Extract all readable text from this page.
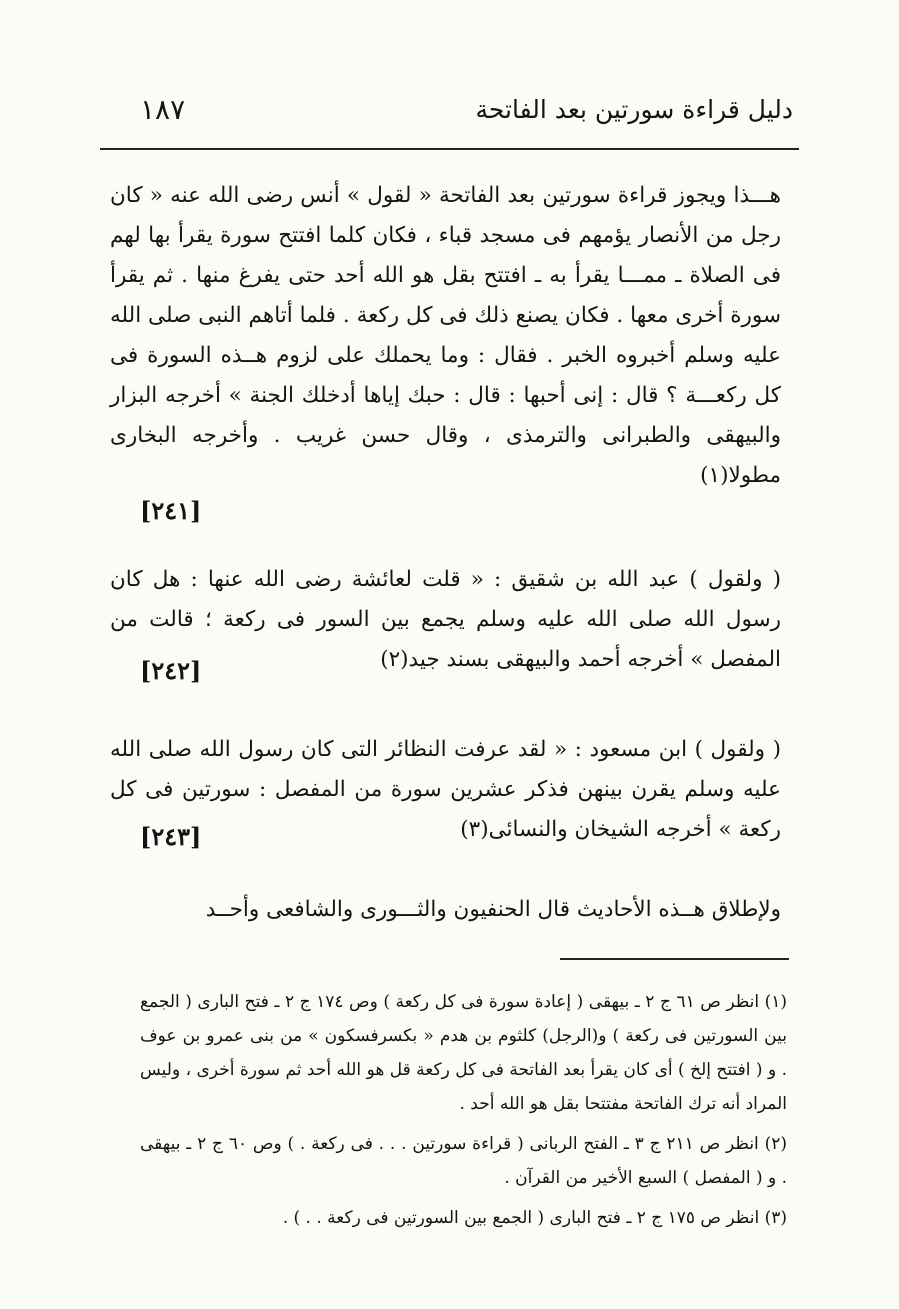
دليل قراءة سورتين بعد الفاتحة
١٨٧

هـــذا ويجوز قراءة سورتين بعد الفاتحة « لقول » أنس رضى الله عنه « كان رجل من الأنصار يؤمهم فى مسجد قباء ، فكان كلما افتتح سورة يقرأ بها لهم فى الصلاة ـ ممـــا يقرأ به ـ افتتح بقل هو الله أحد حتى يفرغ منها . ثم يقرأ سورة أخرى معها . فكان يصنع ذلك فى كل ركعة . فلما أتاهم النبى صلى الله عليه وسلم أخبروه الخبر . فقال : وما يحملك على لزوم هــذه السورة فى كل ركعـــة ؟ قال : إنى أحبها : قال : حبك إياها أدخلك الجنة » أخرجه البزار والبيهقى والطبرانى والترمذى ، وقال حسن غريب . وأخرجه البخارى مطولا(١)

[٢٤١]

( ولقول ) عبد الله بن شقيق : « قلت لعائشة رضى الله عنها : هل كان رسول الله صلى الله عليه وسلم يجمع بين السور فى ركعة ؛ قالت من المفصل » أخرجه أحمد والبيهقى بسند جيد(٢)

[٢٤٢]

( ولقول ) ابن مسعود : « لقد عرفت النظائر التى كان رسول الله صلى الله عليه وسلم يقرن بينهن فذكر عشرين سورة من المفصل : سورتين فى كل ركعة » أخرجه الشيخان والنسائى(٣)

[٢٤٣]

ولإطلاق هــذه الأحاديث قال الحنفيون والثـــورى والشافعى وأحــد

(١) انظر ص ٦١ ج ٢ ـ بيهقى ( إعادة سورة فى كل ركعة ) وص ١٧٤ ج ٢ ـ فتح البارى ( الجمع بين السورتين فى ركعة ) و(الرجل) كلثوم بن هدم « بكسرفسكون » من بنى عمرو بن عوف . و ( افتتح إلخ ) أى كان يقرأ بعد الفاتحة فى كل ركعة قل هو الله أحد ثم سورة أخرى ، وليس المراد أنه ترك الفاتحة مفتتحا بقل هو الله أحد .

(٢) انظر ص ٢١١ ج ٣ ـ الفتح الربانى ( قراءة سورتين . . . فى ركعة . ) وص ٦٠ ج ٢ ـ بيهقى . و ( المفصل ) السبع الأخير من القرآن .

(٣) انظر ص ١٧٥ ج ٢ ـ فتح البارى ( الجمع بين السورتين فى ركعة . . ) .
